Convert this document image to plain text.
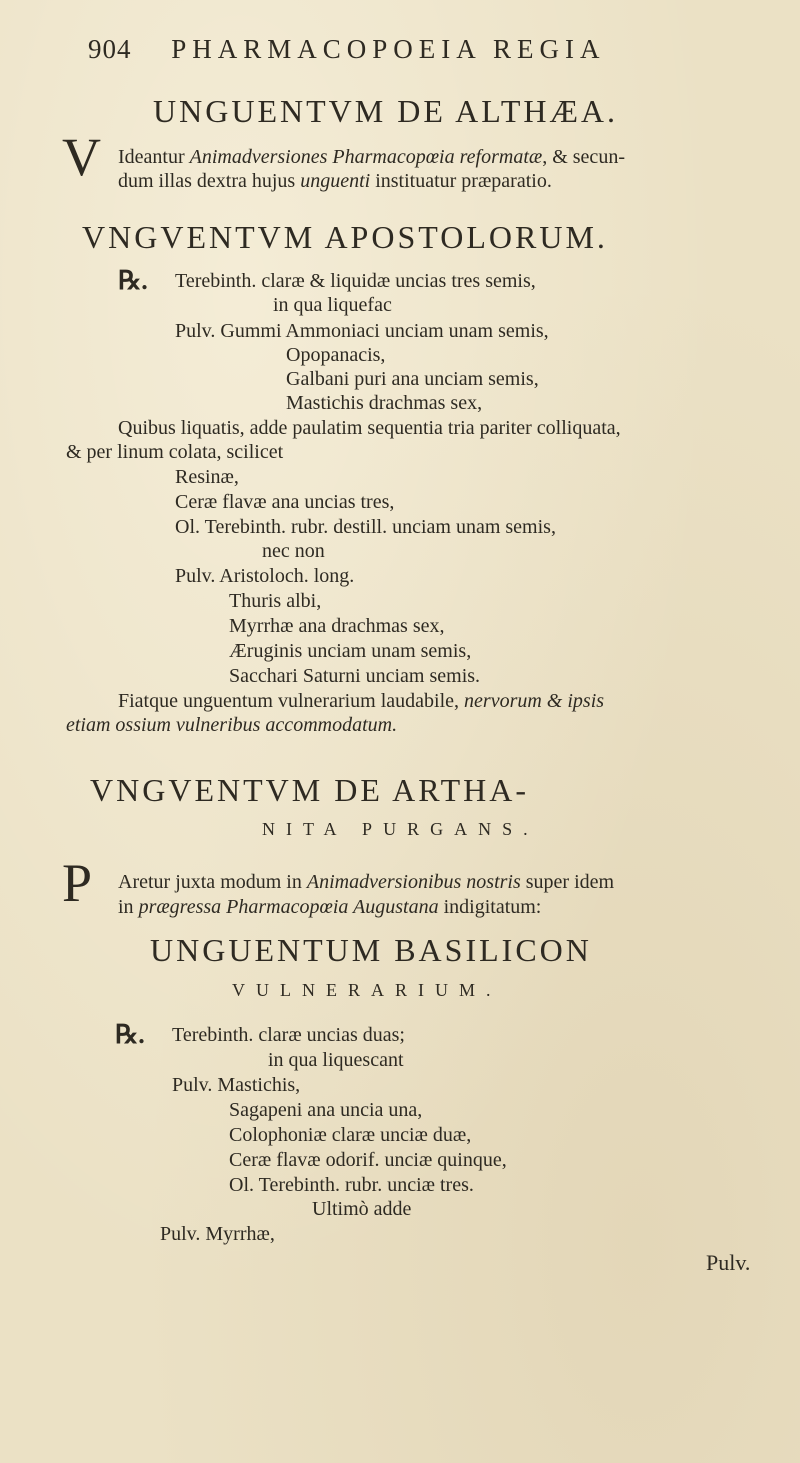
904 PHARMACOPOEIA REGIA
UNGUENTVM DE ALTHÆA.
V Ideantur Animadversiones Pharmacopœia reformatæ, & secun-
dum illas dextra hujus unguenti instituatur præparatio.
VNGVENTVM APOSTOLORUM.
℞. Terebinth. claræ & liquidæ uncias tres semis,
in qua liquefac
Pulv. Gummi Ammoniaci unciam unam semis,
Opopanacis,
Galbani puri ana unciam semis,
Mastichis drachmas sex,
Quibus liquatis, adde paulatim sequentia tria pariter colliquata,
& per linum colata, scilicet
Resinæ,
Ceræ flavæ ana uncias tres,
Ol. Terebinth. rubr. destill. unciam unam semis,
nec non
Pulv. Aristoloch. long.
Thuris albi,
Myrrhæ ana drachmas sex,
Æruginis unciam unam semis,
Sacchari Saturni unciam semis.
Fiatque unguentum vulnerarium laudabile, nervorum & ipsis
etiam ossium vulneribus accommodatum.
VNGVENTVM DE ARTHA-
NITA PURGANS.
P Aretur juxta modum in Animadversionibus nostris super idem
in prægressa Pharmacopœia Augustana indigitatum:
UNGUENTUM BASILICON
VULNERARIUM.
℞. Terebinth. claræ uncias duas;
in qua liquescant
Pulv. Mastichis,
Sagapeni ana uncia una,
Colophoniæ claræ unciæ duæ,
Ceræ flavæ odorif. unciæ quinque,
Ol. Terebinth. rubr. unciæ tres.
Ultimò adde
Pulv. Myrrhæ,
Pulv.
